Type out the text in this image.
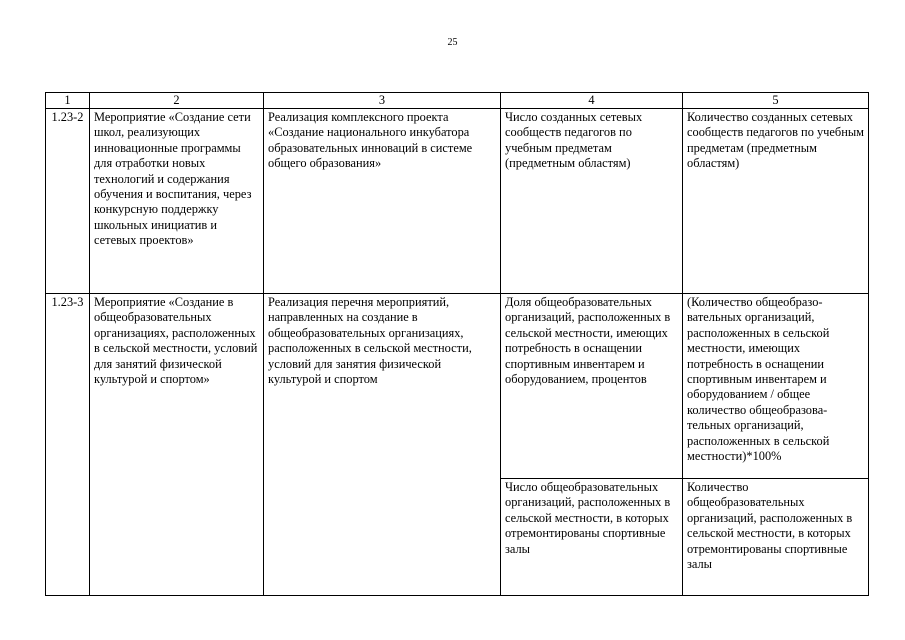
25
1	2	3	4	5
1.23-2	Мероприятие «Создание сети школ, реализующих инновационные программы для отработки новых технологий и содержания обучения и воспитания, через конкурсную поддержку школьных инициатив и сетевых проектов»	Реализация комплексного проекта «Создание национального инкубатора образовательных инноваций в системе общего образования»	Число созданных сетевых сообществ педагогов по учебным предметам (предметным областям)	Количество созданных сетевых сообществ педагогов по учебным предметам (предметным областям)
1.23-3	Мероприятие «Создание в общеобразовательных организациях, расположенных в сельской местности, условий для занятий физической культурой и спортом»	Реализация перечня мероприятий, направленных на создание в общеобразовательных организациях, расположенных в сельской местности, условий для занятия физической культурой и спортом	Доля общеобразовательных организаций, расположенных в сельской местности, имеющих потребность в оснащении спортивным инвентарем и оборудованием, процентов	(Количество общеобразо-вательных организаций, расположенных в сельской местности, имеющих потребность в оснащении спортивным инвентарем и оборудованием / общее количество общеобразова-тельных организаций, расположенных в сельской местности)*100%
			Число общеобразовательных организаций, расположенных в сельской местности, в которых отремонтированы спортивные залы	Количество общеобразовательных организаций, расположенных в сельской местности, в которых отремонтированы спортивные залы
